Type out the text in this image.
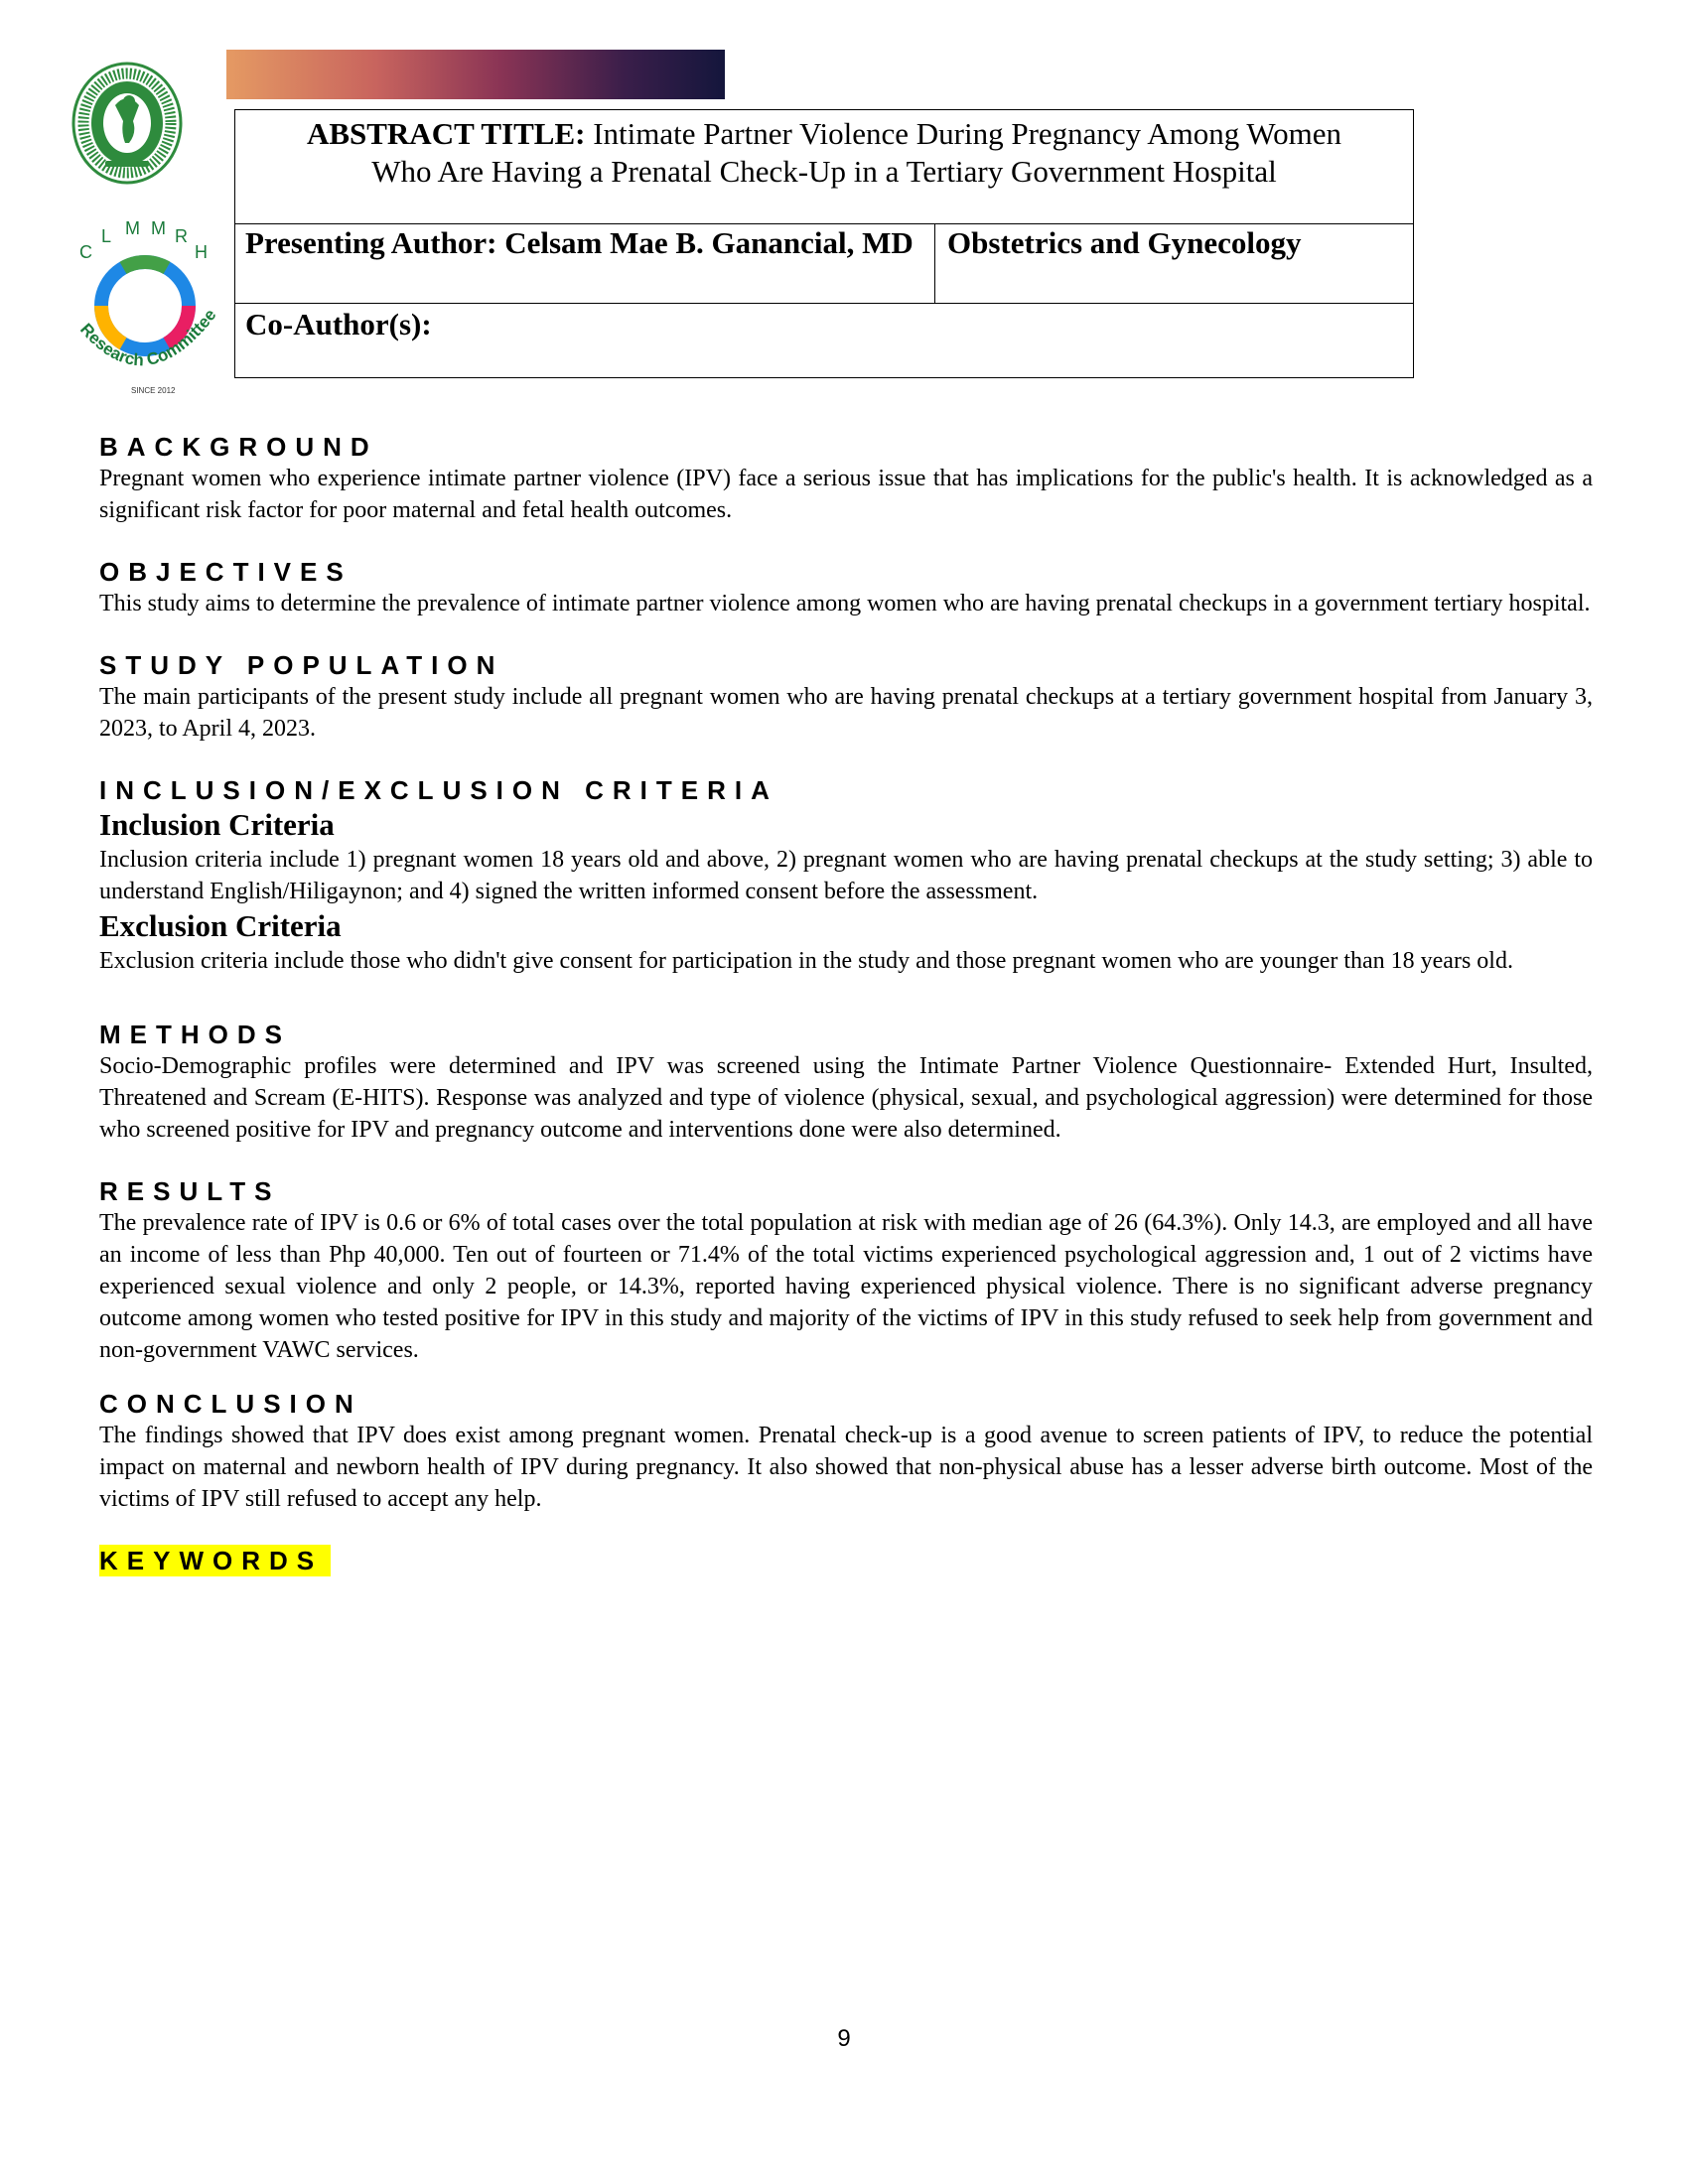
C
L M M R
H
Research Committee
SINCE 2012
ABSTRACT TITLE: Intimate Partner Violence During Pregnancy Among Women
Who Are Having a Prenatal Check-Up in a Tertiary Government Hospital

Presenting Author: Celsam Mae B. Ganancial, MD	Obstetrics and Gynecology
Co-Author(s):
BACKGROUND

Pregnant women who experience intimate partner violence (IPV) face a serious issue that has implications for the public's health. It is acknowledged as a significant risk factor for poor maternal and fetal health outcomes.

OBJECTIVES

This study aims to determine the prevalence of intimate partner violence among women who are having prenatal checkups in a government tertiary hospital.

STUDY POPULATION

The main participants of the present study include all pregnant women who are having prenatal checkups at a tertiary government hospital from January 3, 2023, to April 4, 2023.

INCLUSION/EXCLUSION CRITERIA
Inclusion Criteria

Inclusion criteria include 1) pregnant women 18 years old and above, 2) pregnant women who are having prenatal checkups at the study setting; 3) able to understand English/Hiligaynon; and 4) signed the written informed consent before the assessment.

Exclusion Criteria

Exclusion criteria include those who didn't give consent for participation in the study and those pregnant women who are younger than 18 years old.

METHODS

Socio-Demographic profiles were determined and IPV was screened using the Intimate Partner Violence Questionnaire- Extended Hurt, Insulted, Threatened and Scream (E-HITS). Response was analyzed and type of violence (physical, sexual, and psychological aggression) were determined for those who screened positive for IPV and pregnancy outcome and interventions done were also determined.

RESULTS

The prevalence rate of IPV is 0.6 or 6% of total cases over the total population at risk with median age of 26 (64.3%). Only 14.3, are employed and all have an income of less than Php 40,000. Ten out of fourteen or 71.4% of the total victims experienced psychological aggression and, 1 out of 2 victims have experienced sexual violence and only 2 people, or 14.3%, reported having experienced physical violence. There is no significant adverse pregnancy outcome among women who tested positive for IPV in this study and majority of the victims of IPV in this study refused to seek help from government and non-government VAWC services.

CONCLUSION

The findings showed that IPV does exist among pregnant women. Prenatal check-up is a good avenue to screen patients of IPV, to reduce the potential impact on maternal and newborn health of IPV during pregnancy. It also showed that non-physical abuse has a lesser adverse birth outcome. Most of the victims of IPV still refused to accept any help.

KEYWORDS
9
